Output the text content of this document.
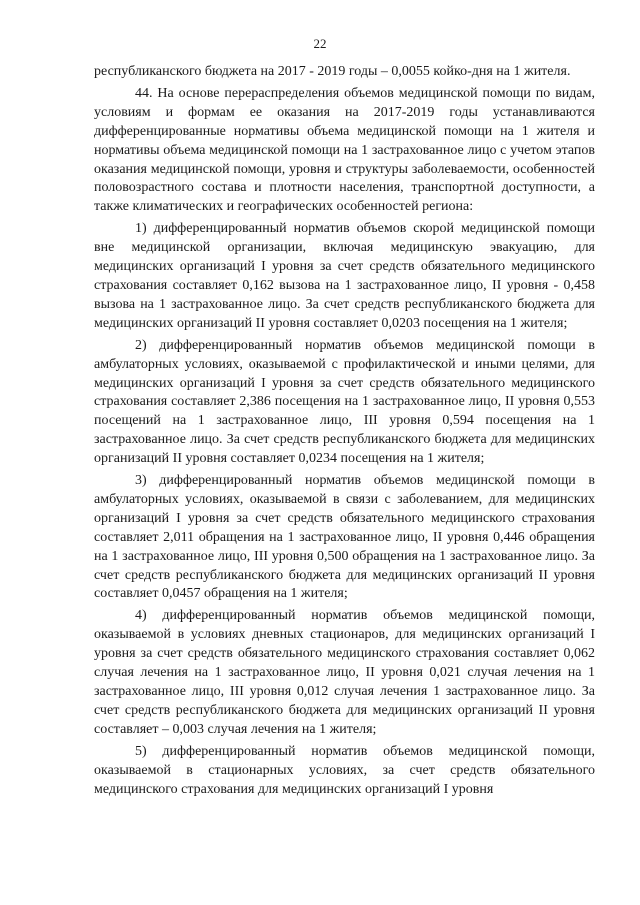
22

республиканского бюджета на 2017 - 2019 годы – 0,0055 койко-дня на 1 жителя.

44. На основе перераспределения объемов медицинской помощи по видам, условиям и формам ее оказания на 2017-2019 годы устанавливаются дифференцированные нормативы объема медицинской помощи на 1 жителя и нормативы объема медицинской помощи на 1 застрахованное лицо с учетом этапов оказания медицинской помощи, уровня и структуры заболеваемости, особенностей половозрастного состава и плотности населения, транспортной доступности, а также климатических и географических особенностей региона:

1) дифференцированный норматив объемов скорой медицинской помощи вне медицинской организации, включая медицинскую эвакуацию, для медицинских организаций I уровня за счет средств обязательного медицинского страхования составляет 0,162 вызова на 1 застрахованное лицо, II уровня - 0,458 вызова на 1 застрахованное лицо. За счет средств республиканского бюджета для медицинских организаций II уровня составляет 0,0203 посещения на 1 жителя;

2) дифференцированный норматив объемов медицинской помощи в амбулаторных условиях, оказываемой с профилактической и иными целями, для медицинских организаций I уровня за счет средств обязательного медицинского страхования составляет 2,386 посещения на 1 застрахованное лицо, II уровня 0,553 посещений на 1 застрахованное лицо, III уровня 0,594 посещения на 1 застрахованное лицо. За счет средств республиканского бюджета для медицинских организаций II уровня составляет 0,0234 посещения на 1 жителя;

3) дифференцированный норматив объемов медицинской помощи в амбулаторных условиях, оказываемой в связи с заболеванием, для медицинских организаций I уровня за счет средств обязательного медицинского страхования составляет 2,011 обращения на 1 застрахованное лицо, II уровня 0,446 обращения на 1 застрахованное лицо, III уровня 0,500 обращения на 1 застрахованное лицо. За счет средств республиканского бюджета для медицинских организаций II уровня составляет 0,0457 обращения на 1 жителя;

4) дифференцированный норматив объемов медицинской помощи, оказываемой в условиях дневных стационаров, для медицинских организаций I уровня за счет средств обязательного медицинского страхования составляет 0,062 случая лечения на 1 застрахованное лицо, II уровня 0,021 случая лечения на 1 застрахованное лицо, III уровня 0,012 случая лечения 1 застрахованное лицо. За счет средств республиканского бюджета для медицинских организаций II уровня составляет – 0,003 случая лечения на 1 жителя;

5) дифференцированный норматив объемов медицинской помощи, оказываемой в стационарных условиях, за счет средств обязательного медицинского страхования для медицинских организаций I уровня
